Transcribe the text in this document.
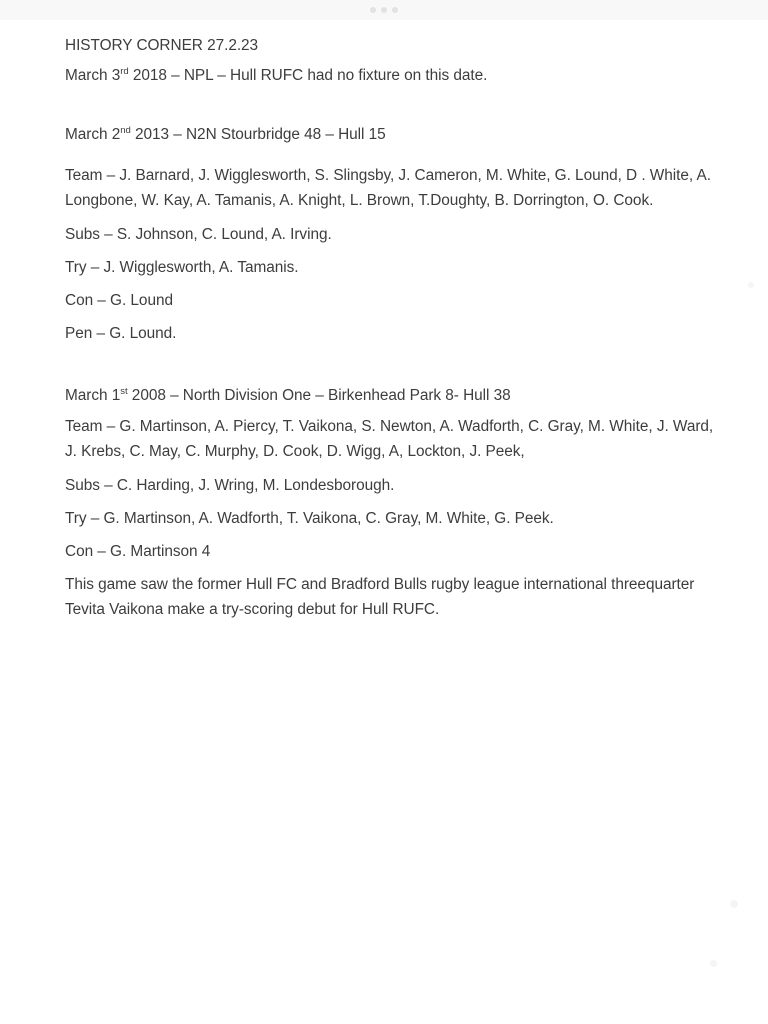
HISTORY CORNER 27.2.23

March 3rd 2018 – NPL – Hull RUFC had no fixture on this date.

March 2nd 2013 – N2N Stourbridge 48 – Hull 15

Team – J. Barnard, J. Wigglesworth, S. Slingsby, J. Cameron, M. White, G. Lound, D . White, A. Longbone, W. Kay, A. Tamanis, A. Knight, L. Brown, T.Doughty, B. Dorrington, O. Cook.

Subs – S. Johnson, C. Lound, A. Irving.

Try – J. Wigglesworth, A. Tamanis.

Con – G. Lound

Pen – G. Lound.

March 1st 2008 – North Division One – Birkenhead Park 8- Hull 38

Team – G. Martinson, A. Piercy, T. Vaikona, S. Newton, A. Wadforth, C. Gray, M. White, J. Ward, J. Krebs, C. May, C. Murphy, D. Cook, D. Wigg, A, Lockton, J. Peek,

Subs – C. Harding, J. Wring, M. Londesborough.

Try – G. Martinson, A. Wadforth, T. Vaikona, C. Gray, M. White, G. Peek.

Con – G. Martinson 4

This game saw the former Hull FC and Bradford Bulls rugby league international threequarter Tevita Vaikona make a try-scoring debut for Hull RUFC.
